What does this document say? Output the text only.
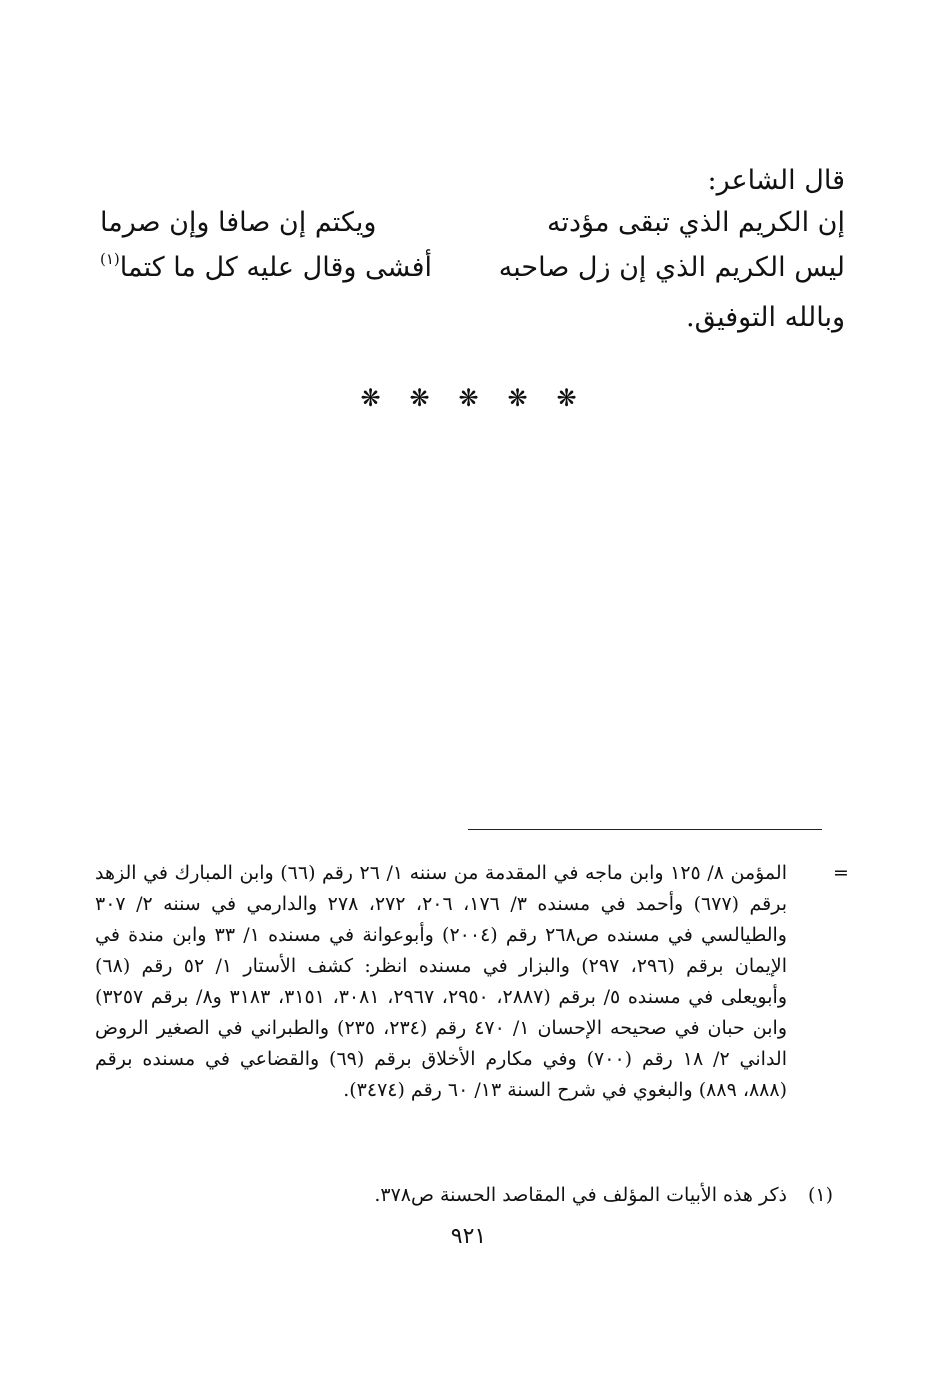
قال الشاعر:
إن الكريم الذي تبقى مؤدته
ويكتم إن صافا وإن صرما
ليس الكريم الذي إن زل صاحبه
أفشى وقال عليه كل ما كتما$^{(١)}$
وبالله التوفيق.
❋ ❋ ❋ ❋ ❋
=
المؤمن ٨/ ١٢٥ وابن ماجه في المقدمة من سننه ١/ ٢٦ رقم (٦٦) وابن المبارك في الزهد برقم (٦٧٧) وأحمد في مسنده ٣/ ١٧٦، ٢٠٦، ٢٧٢، ٢٧٨ والدارمي في سننه ٢/ ٣٠٧ والطيالسي في مسنده ص٢٦٨ رقم (٢٠٠٤) وأبوعوانة في مسنده ١/ ٣٣ وابن مندة في الإيمان برقم (٢٩٦، ٢٩٧) والبزار في مسنده انظر: كشف الأستار ١/ ٥٢ رقم (٦٨) وأبويعلى في مسنده ٥/ برقم (٢٨٨٧، ٢٩٥٠، ٢٩٦٧، ٣٠٨١، ٣١٥١، ٣١٨٣ و٨/ برقم ٣٢٥٧) وابن حبان في صحيحه الإحسان ١/ ٤٧٠ رقم (٢٣٤، ٢٣٥) والطبراني في الصغير الروض الداني ٢/ ١٨ رقم (٧٠٠) وفي مكارم الأخلاق برقم (٦٩) والقضاعي في مسنده برقم (٨٨٨، ٨٨٩) والبغوي في شرح السنة ١٣/ ٦٠ رقم (٣٤٧٤).
(١)
ذكر هذه الأبيات المؤلف في المقاصد الحسنة ص٣٧٨.
٩٢١
